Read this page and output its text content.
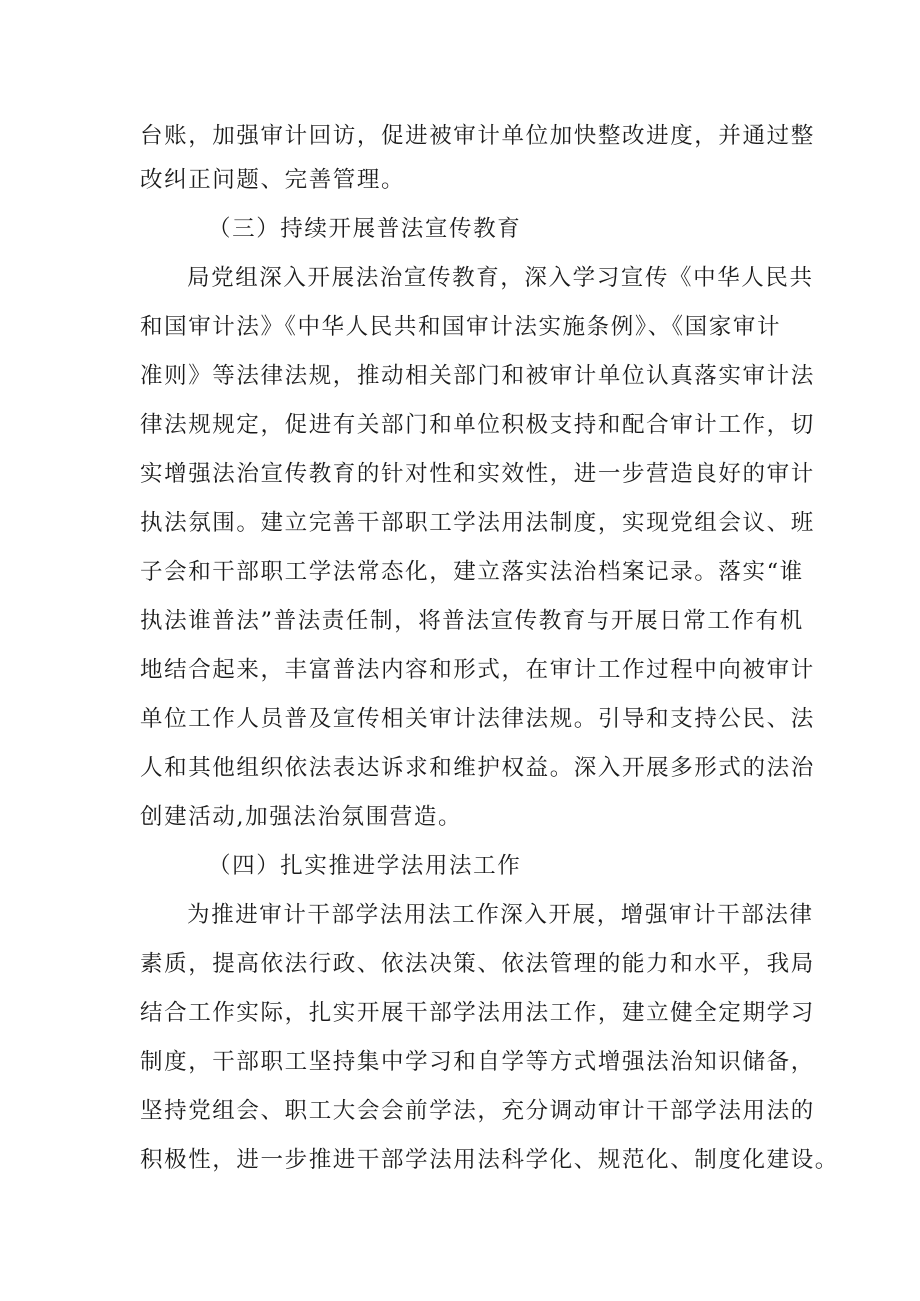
台账，加强审计回访，促进被审计单位加快整改进度，并通过整
改纠正问题、完善管理。
（三）持续开展普法宣传教育
局党组深入开展法治宣传教育，深入学习宣传《中华人民共
和国审计法》《中华人民共和国审计法实施条例》、《国家审计
准则》等法律法规，推动相关部门和被审计单位认真落实审计法
律法规规定，促进有关部门和单位积极支持和配合审计工作，切
实增强法治宣传教育的针对性和实效性，进一步营造良好的审计
执法氛围。建立完善干部职工学法用法制度，实现党组会议、班
子会和干部职工学法常态化，建立落实法治档案记录。落实“谁
执法谁普法”普法责任制，将普法宣传教育与开展日常工作有机
地结合起来，丰富普法内容和形式，在审计工作过程中向被审计
单位工作人员普及宣传相关审计法律法规。引导和支持公民、法
人和其他组织依法表达诉求和维护权益。深入开展多形式的法治
创建活动,加强法治氛围营造。
（四）扎实推进学法用法工作
为推进审计干部学法用法工作深入开展，增强审计干部法律
素质，提高依法行政、依法决策、依法管理的能力和水平，我局
结合工作实际，扎实开展干部学法用法工作，建立健全定期学习
制度，干部职工坚持集中学习和自学等方式增强法治知识储备，
坚持党组会、职工大会会前学法，充分调动审计干部学法用法的
积极性，进一步推进干部学法用法科学化、规范化、制度化建设。
